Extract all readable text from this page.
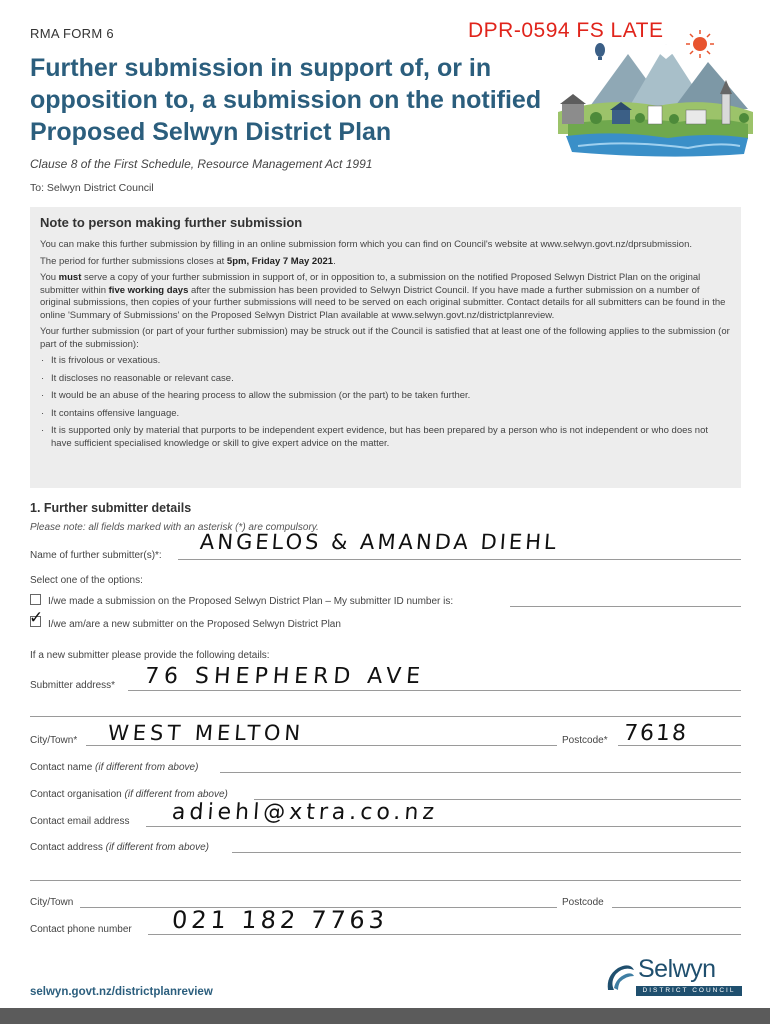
RMA FORM 6	DPR-0594 FS LATE
Further submission in support of, or in opposition to, a submission on the notified Proposed Selwyn District Plan
Clause 8 of the First Schedule, Resource Management Act 1991
To: Selwyn District Council
Note to person making further submission

You can make this further submission by filling in an online submission form which you can find on Council's website at www.selwyn.govt.nz/dprsubmission.

The period for further submissions closes at 5pm, Friday 7 May 2021.

You must serve a copy of your further submission in support of, or in opposition to, a submission on the notified Proposed Selwyn District Plan on the original submitter within five working days after the submission has been provided to Selwyn District Council. If you have made a further submission on a number of original submissions, then copies of your further submissions will need to be served on each original submitter. Contact details for all submitters can be found in the online 'Summary of Submissions' on the Proposed Selwyn District Plan available at www.selwyn.govt.nz/districtplanreview.

Your further submission (or part of your further submission) may be struck out if the Council is satisfied that at least one of the following applies to the submission (or part of the submission):

· It is frivolous or vexatious.
· It discloses no reasonable or relevant case.
· It would be an abuse of the hearing process to allow the submission (or the part) to be taken further.
· It contains offensive language.
· It is supported only by material that purports to be independent expert evidence, but has been prepared by a person who is not independent or who does not have sufficient specialised knowledge or skill to give expert advice on the matter.
1. Further submitter details
Please note: all fields marked with an asterisk (*) are compulsory.
Name of further submitter(s)*:
ANGELOS & AMANDA DIEHL
Select one of the options:
I/we made a submission on the Proposed Selwyn District Plan – My submitter ID number is:
✓ I/we am/are a new submitter on the Proposed Selwyn District Plan
If a new submitter please provide the following details:
Submitter address* 76 SHEPHERD AVE
City/Town* WEST MELTON	Postcode* 7618
Contact name (if different from above)
Contact organisation (if different from above)
Contact email address adiehl@xtra.co.nz
Contact address (if different from above)
City/Town	Postcode
Contact phone number 021 182 7763
selwyn.govt.nz/districtplanreview
Selwyn
DISTRICT COUNCIL
